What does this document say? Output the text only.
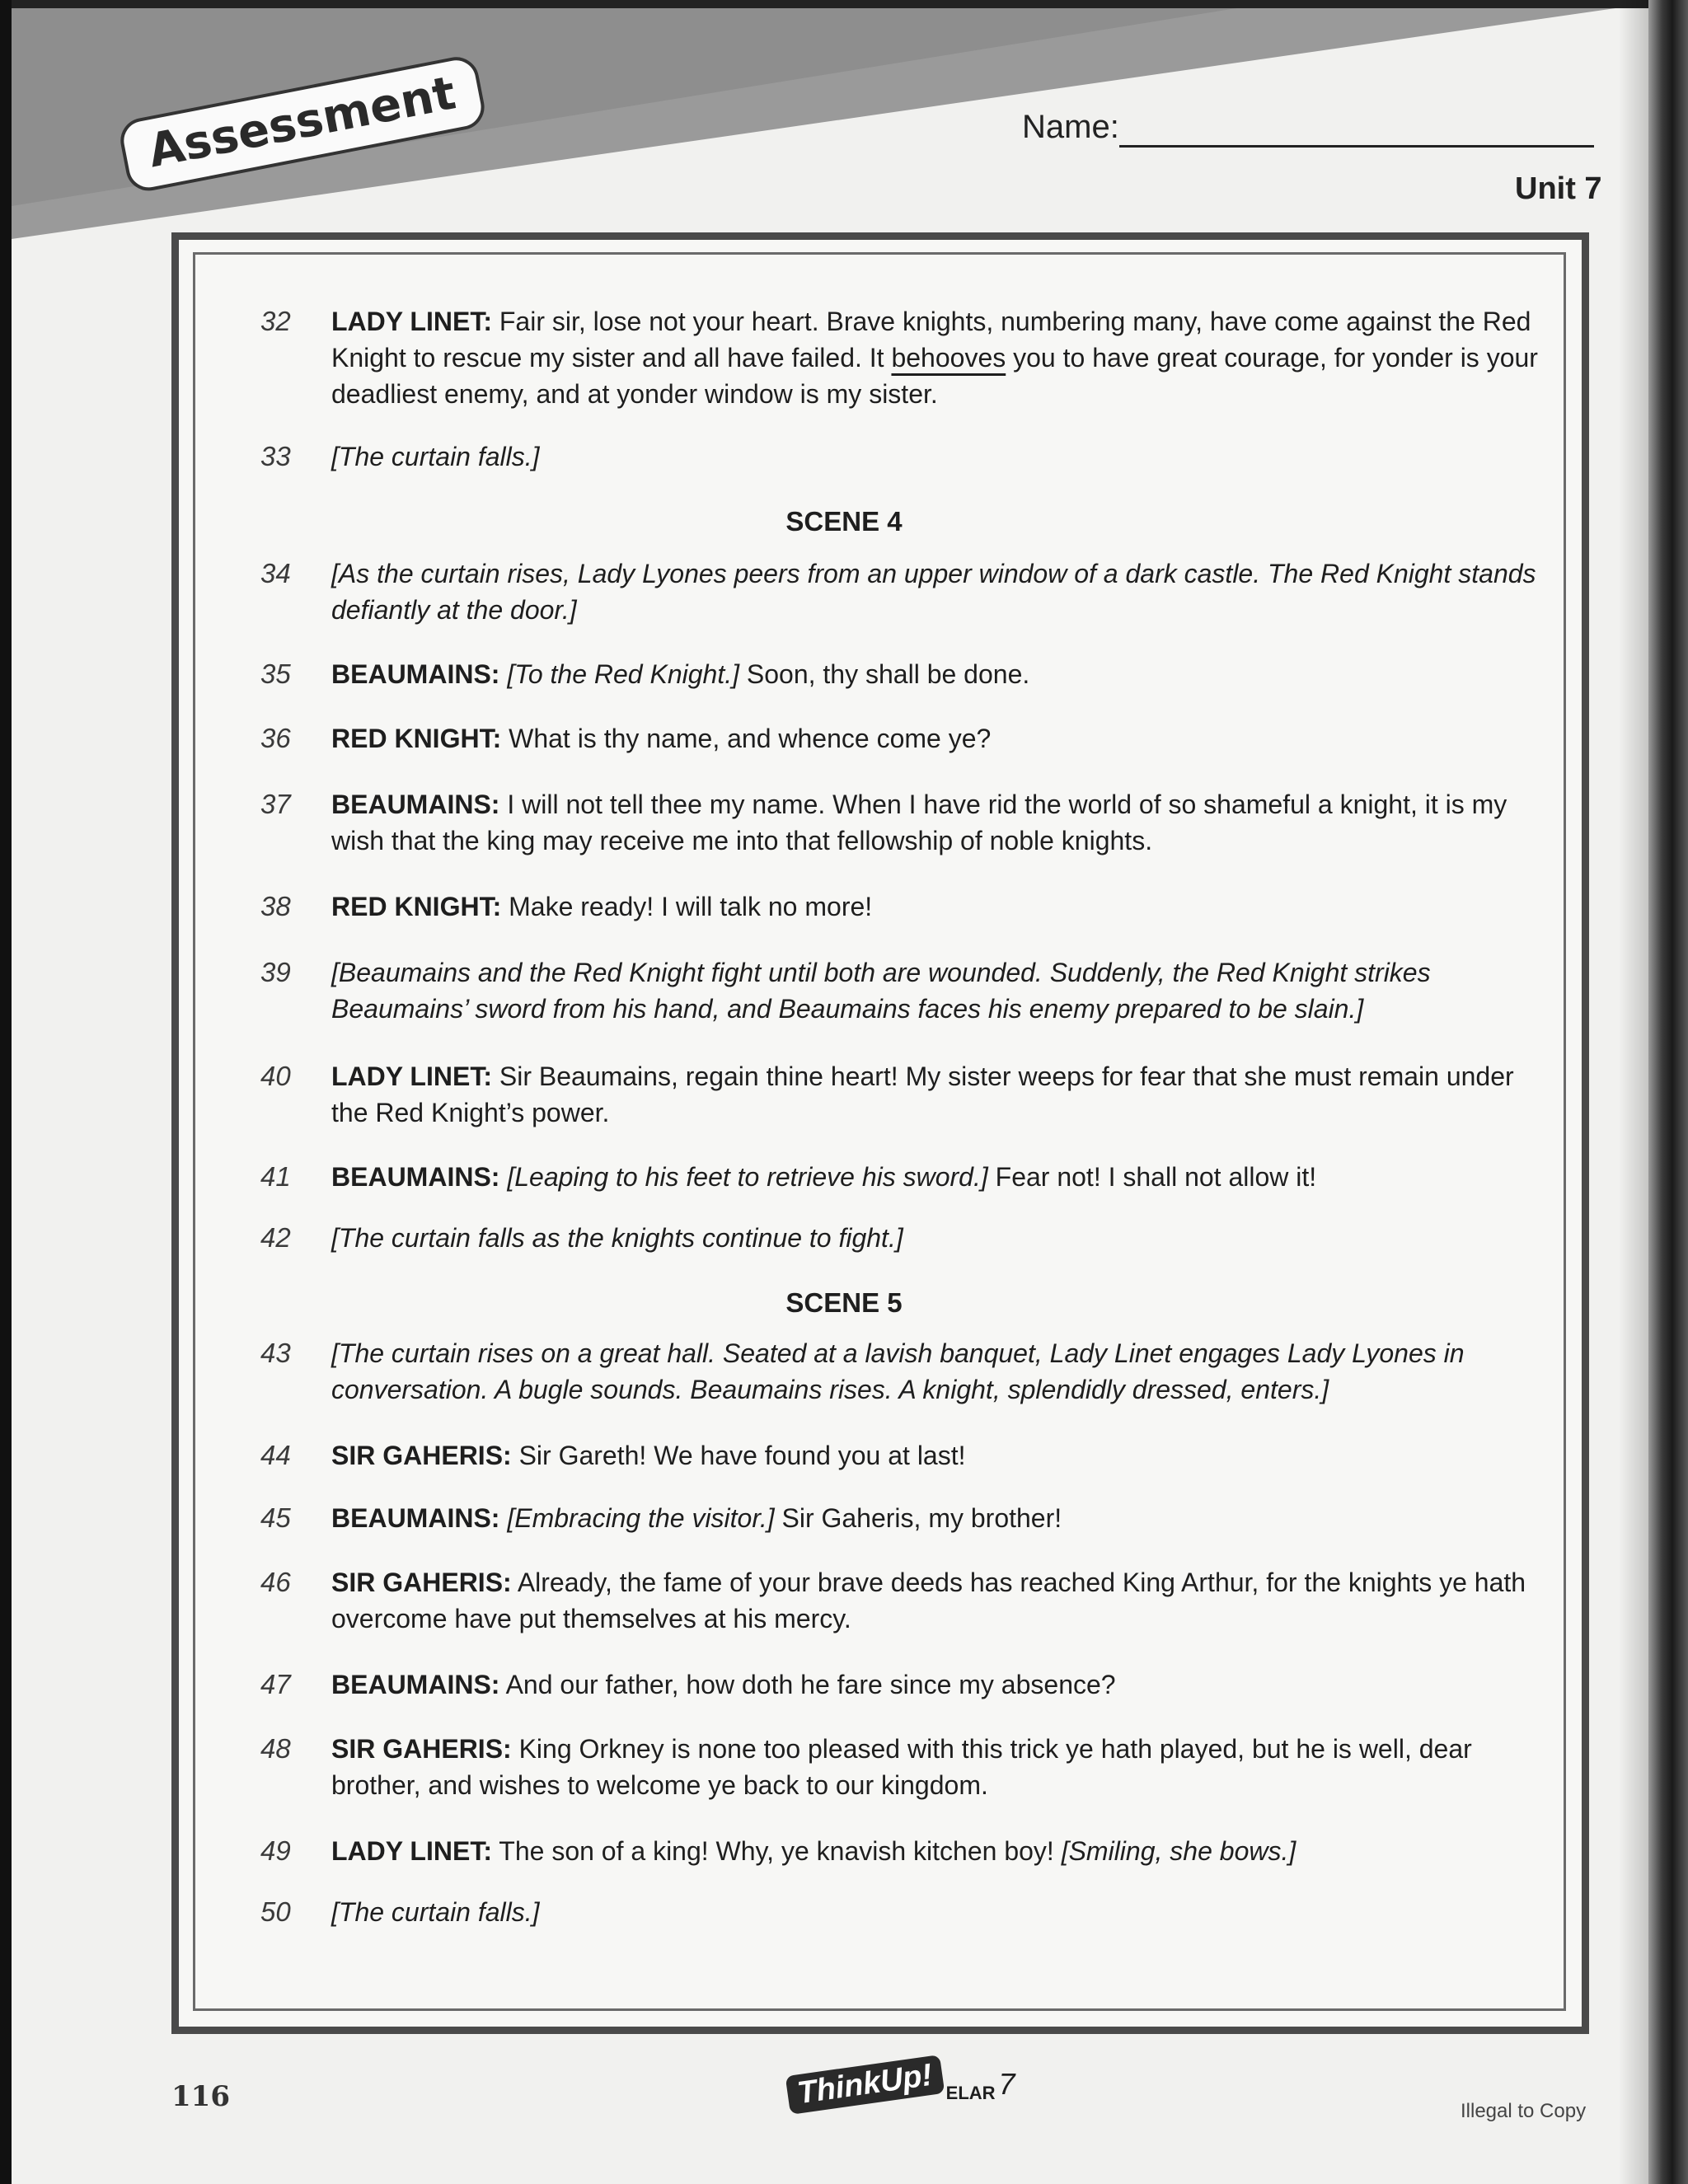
Assessment	Name:
Unit 7
32	LADY LINET: Fair sir, lose not your heart. Brave knights, numbering many, have come against the Red Knight to rescue my sister and all have failed. It behooves you to have great courage, for yonder is your deadliest enemy, and at yonder window is my sister.
33	[The curtain falls.]
SCENE 4
34	[As the curtain rises, Lady Lyones peers from an upper window of a dark castle. The Red Knight stands defiantly at the door.]
35	BEAUMAINS: [To the Red Knight.] Soon, thy shall be done.
36	RED KNIGHT: What is thy name, and whence come ye?
37	BEAUMAINS: I will not tell thee my name. When I have rid the world of so shameful a knight, it is my wish that the king may receive me into that fellowship of noble knights.
38	RED KNIGHT: Make ready! I will talk no more!
39	[Beaumains and the Red Knight fight until both are wounded. Suddenly, the Red Knight strikes Beaumains’ sword from his hand, and Beaumains faces his enemy prepared to be slain.]
40	LADY LINET: Sir Beaumains, regain thine heart! My sister weeps for fear that she must remain under the Red Knight’s power.
41	BEAUMAINS: [Leaping to his feet to retrieve his sword.] Fear not! I shall not allow it!
42	[The curtain falls as the knights continue to fight.]
SCENE 5
43	[The curtain rises on a great hall. Seated at a lavish banquet, Lady Linet engages Lady Lyones in conversation. A bugle sounds. Beaumains rises. A knight, splendidly dressed, enters.]
44	SIR GAHERIS: Sir Gareth! We have found you at last!
45	BEAUMAINS: [Embracing the visitor.] Sir Gaheris, my brother!
46	SIR GAHERIS: Already, the fame of your brave deeds has reached King Arthur, for the knights ye hath overcome have put themselves at his mercy.
47	BEAUMAINS: And our father, how doth he fare since my absence?
48	SIR GAHERIS: King Orkney is none too pleased with this trick ye hath played, but he is well, dear brother, and wishes to welcome ye back to our kingdom.
49	LADY LINET: The son of a king! Why, ye knavish kitchen boy! [Smiling, she bows.]
50	[The curtain falls.]
116	ThinkUp! ELAR 7
Illegal to Copy
